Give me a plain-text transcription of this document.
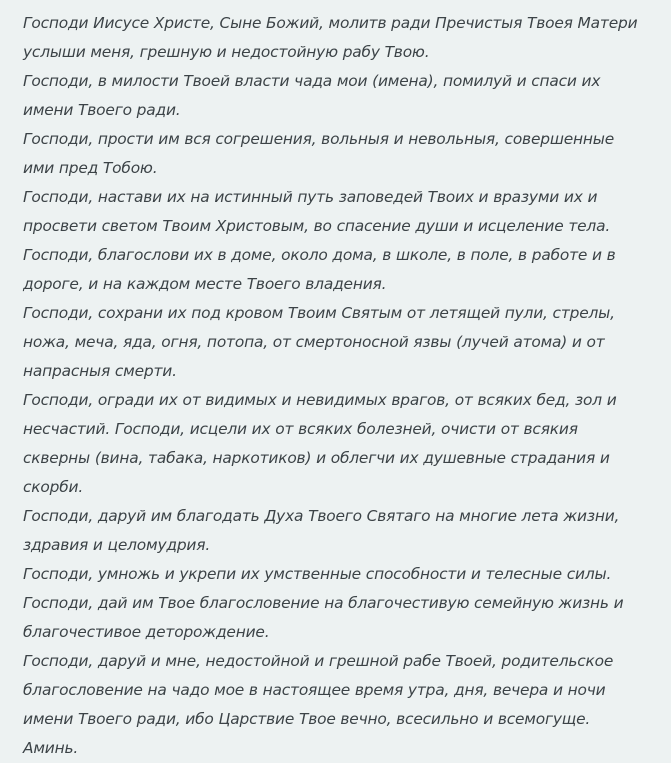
Господи Иисусе Христе, Сыне Божий, молитв ради Пречистыя Твоея Матери услыши меня, грешную и недостойную рабу Твою.
Господи, в милости Твоей власти чада мои (имена), помилуй и спаси их имени Твоего ради.
Господи, прости им вся согрешения, вольныя и невольныя, совершенные ими пред Тобою.
Господи, настави их на истинный путь заповедей Твоих и вразуми их и просвети светом Твоим Христовым, во спасение души и исцеление тела.
Господи, благослови их в доме, около дома, в школе, в поле, в работе и в дороге, и на каждом месте Твоего владения.
Господи, сохрани их под кровом Твоим Святым от летящей пули, стрелы, ножа, меча, яда, огня, потопа, от смертоносной язвы (лучей атома) и от напрасныя смерти.
Господи, огради их от видимых и невидимых врагов, от всяких бед, зол и несчастий. Господи, исцели их от всяких болезней, очисти от всякия скверны (вина, табака, наркотиков) и облегчи их душевные страдания и скорби.
Господи, даруй им благодать Духа Твоего Святаго на многие лета жизни, здравия и целомудрия.
Господи, умножь и укрепи их умственные способности и телесные силы.
Господи, дай им Твое благословение на благочестивую семейную жизнь и благочестивое деторождение.
Господи, даруй и мне, недостойной и грешной рабе Твоей, родительское благословение на чадо мое в настоящее время утра, дня, вечера и ночи имени Твоего ради, ибо Царствие Твое вечно, всесильно и всемогуще. Аминь.
